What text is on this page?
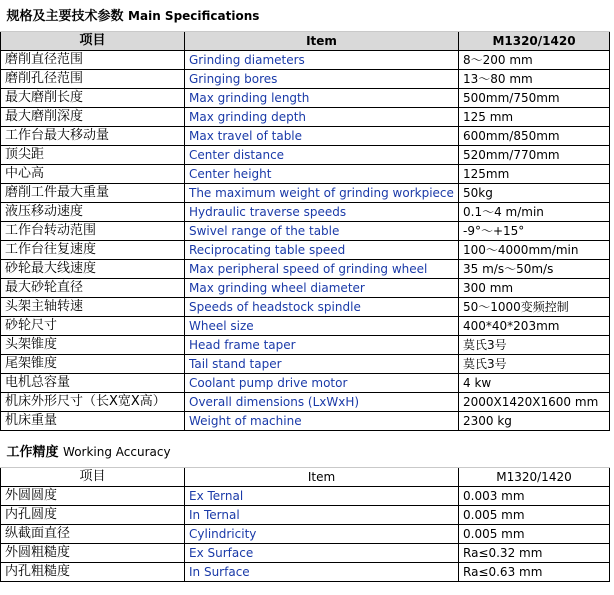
规格及主要技术参数 Main Specifications		
项目	Item	M1320/1420
磨削直径范围	Grinding diameters	8～200 mm
磨削孔径范围	Gringing bores	13～80 mm
最大磨削长度	Max grinding length	500mm/750mm
最大磨削深度	Max grinding depth	125 mm
工作台最大移动量	Max travel of table	600mm/850mm
顶尖距	Center distance	520mm/770mm
中心高	Center height	125mm
磨削工件最大重量	The maximum weight of grinding workpiece	50kg
液压移动速度	Hydraulic traverse speeds	0.1～4 m/min
工作台转动范围	Swivel range of the table	-9°～+15°
工作台往复速度	Reciprocating table speed	100～4000mm/min
砂轮最大线速度	Max peripheral speed of grinding wheel	35 m/s～50m/s
最大砂轮直径	Max grinding wheel diameter	300 mm
头架主轴转速	Speeds of headstock spindle	50～1000变频控制
砂轮尺寸	Wheel size	400*40*203mm
头架锥度	Head frame taper	莫氏3号
尾架锥度	Tail stand taper	莫氏3号
电机总容量	Coolant pump drive motor	4 kw
机床外形尺寸（长X宽X高）	Overall dimensions (LxWxH)	2000X1420X1600 mm
机床重量	Weight of machine	2300 kg
工作精度 Working Accuracy		
项目	Item	M1320/1420
外圆圆度	Ex Ternal	0.003 mm
内孔圆度	In Ternal	0.005 mm
纵截面直径	Cylindricity	0.005 mm
外圆粗糙度	Ex Surface	Ra≤0.32 mm
内孔粗糙度	In Surface	Ra≤0.63 mm
